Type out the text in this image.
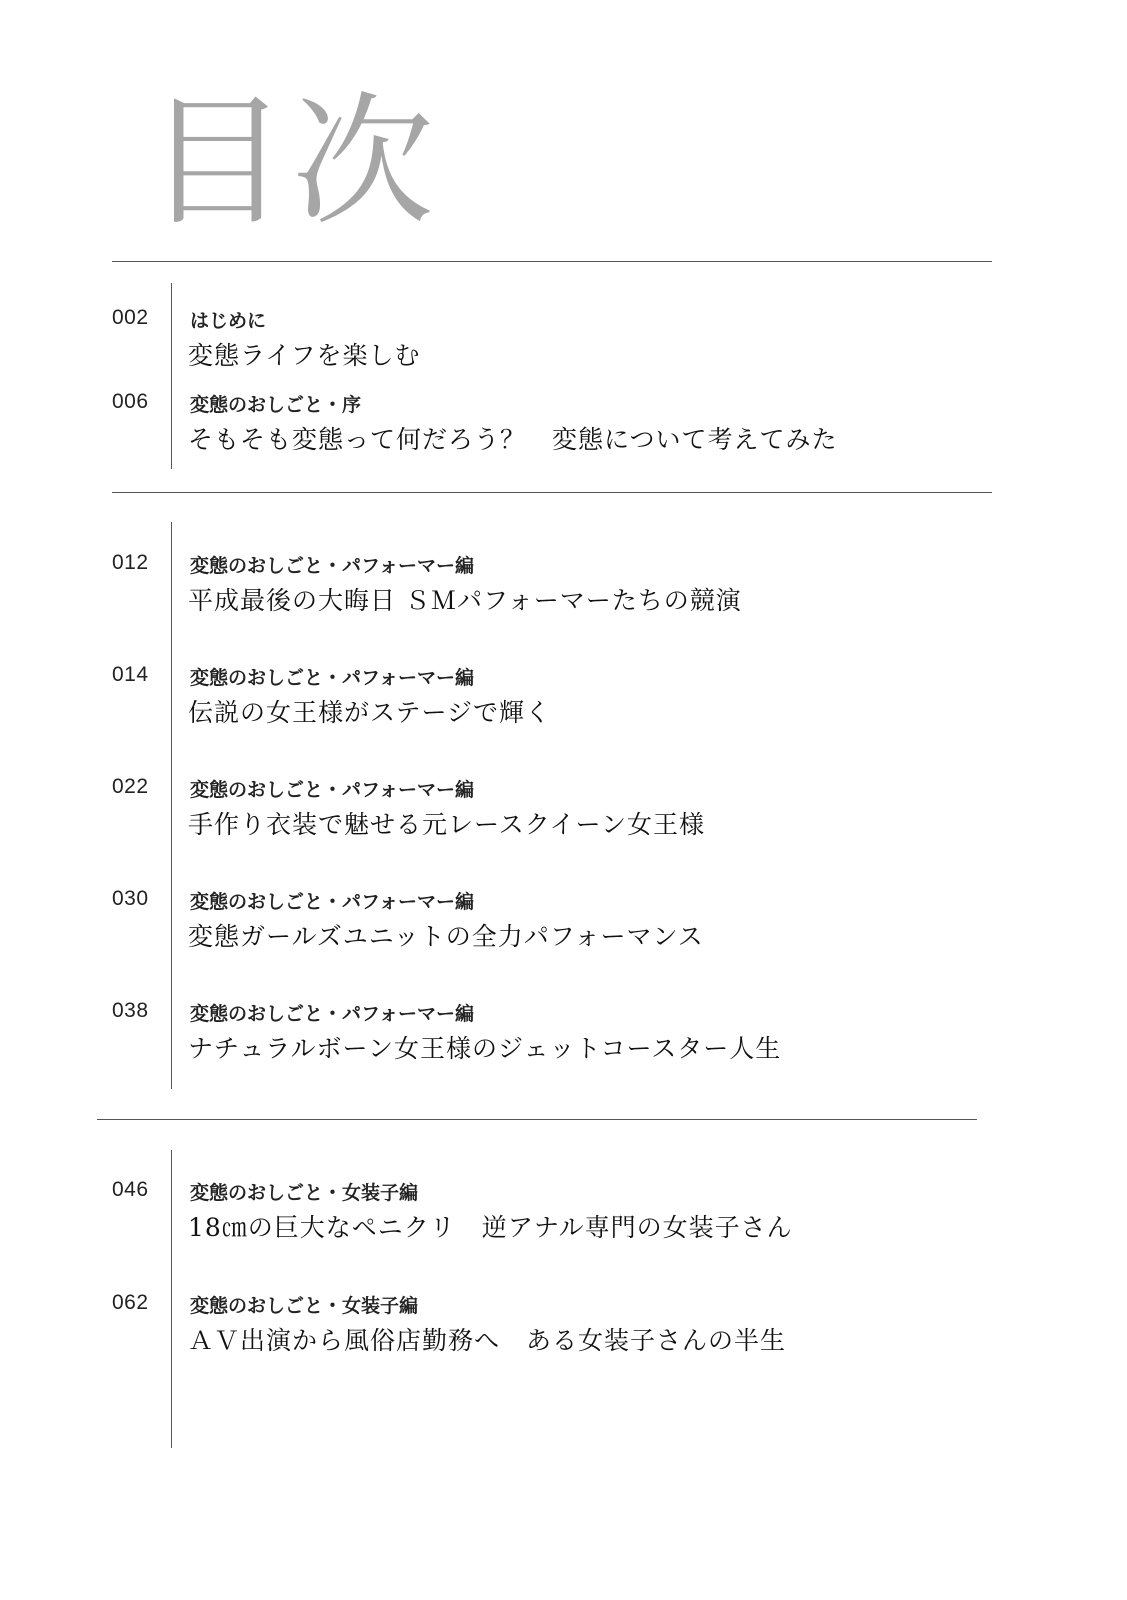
目次
002 はじめに
変態ライフを楽しむ
006 変態のおしごと・序
そもそも変態って何だろう？　変態について考えてみた
012 変態のおしごと・パフォーマー編
平成最後の大晦日 ＳＭパフォーマーたちの競演
014 変態のおしごと・パフォーマー編
伝説の女王様がステージで輝く
022 変態のおしごと・パフォーマー編
手作り衣装で魅せる元レースクイーン女王様
030 変態のおしごと・パフォーマー編
変態ガールズユニットの全力パフォーマンス
038 変態のおしごと・パフォーマー編
ナチュラルボーン女王様のジェットコースター人生
046 変態のおしごと・女装子編
18㎝の巨大なペニクリ　逆アナル専門の女装子さん
062 変態のおしごと・女装子編
ＡＶ出演から風俗店勤務へ　ある女装子さんの半生
